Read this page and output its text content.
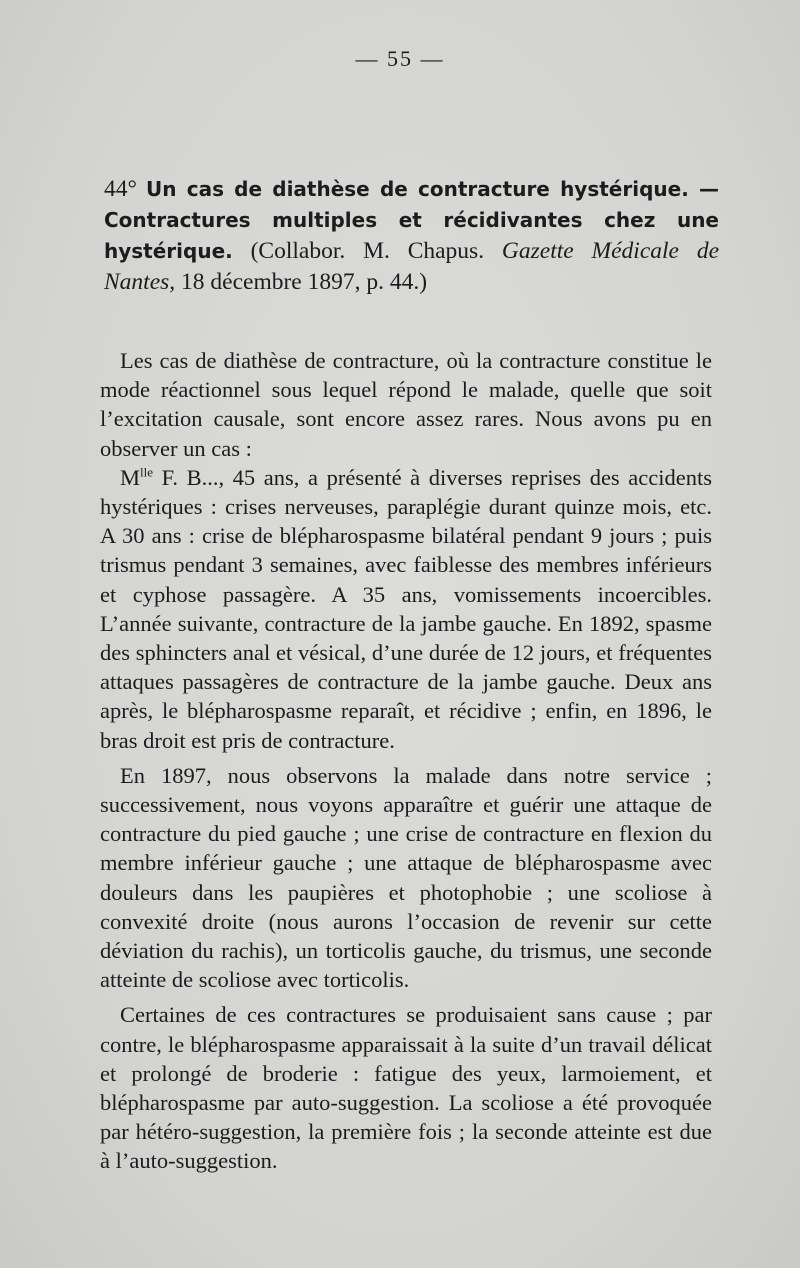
— 55 —
44° Un cas de diathèse de contracture hystérique. — Contractures multiples et récidivantes chez une hystérique. (Collabor. M. Chapus. Gazette Médicale de Nantes, 18 décembre 1897, p. 44.)

Les cas de diathèse de contracture, où la contracture constitue le mode réactionnel sous lequel répond le malade, quelle que soit l’excitation causale, sont encore assez rares. Nous avons pu en observer un cas :

$M^{lle}$ F. B..., 45 ans, a présenté à diverses reprises des accidents hystériques : crises nerveuses, paraplégie durant quinze mois, etc. A 30 ans : crise de blépharospasme bilatéral pendant 9 jours ; puis trismus pendant 3 semaines, avec faiblesse des membres inférieurs et cyphose passagère. A 35 ans, vomissements incoercibles. L’année suivante, contracture de la jambe gauche. En 1892, spasme des sphincters anal et vésical, d’une durée de 12 jours, et fréquentes attaques passagères de contracture de la jambe gauche. Deux ans après, le blépharospasme reparaît, et récidive ; enfin, en 1896, le bras droit est pris de contracture.

En 1897, nous observons la malade dans notre service ; successivement, nous voyons apparaître et guérir une attaque de contracture du pied gauche ; une crise de contracture en flexion du membre inférieur gauche ; une attaque de blépharospasme avec douleurs dans les paupières et photophobie ; une scoliose à convexité droite (nous aurons l’occasion de revenir sur cette déviation du rachis), un torticolis gauche, du trismus, une seconde atteinte de scoliose avec torticolis.

Certaines de ces contractures se produisaient sans cause ; par contre, le blépharospasme apparaissait à la suite d’un travail délicat et prolongé de broderie : fatigue des yeux, larmoiement, et blépharospasme par auto-suggestion. La scoliose a été provoquée par hétéro-suggestion, la première fois ; la seconde atteinte est due à l’auto-suggestion.
